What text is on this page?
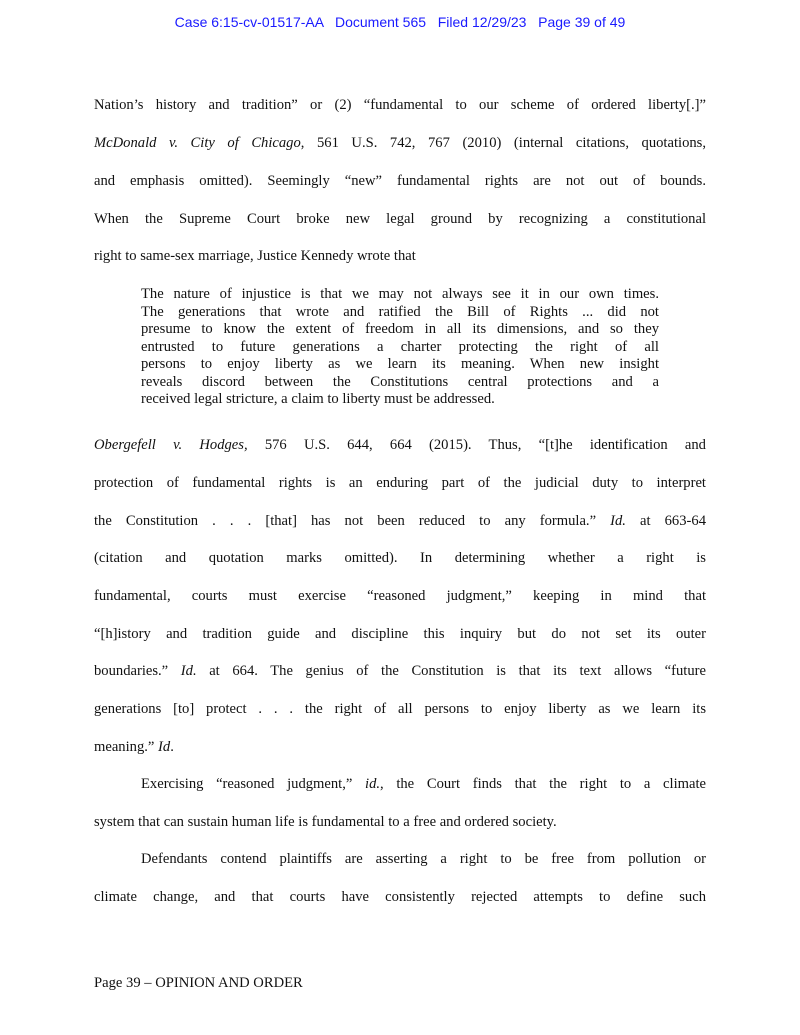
Case 6:15-cv-01517-AA Document 565 Filed 12/29/23 Page 39 of 49
Nation’s history and tradition” or (2) “fundamental to our scheme of ordered liberty[.]”
McDonald v. City of Chicago, 561 U.S. 742, 767 (2010) (internal citations, quotations,
and emphasis omitted). Seemingly “new” fundamental rights are not out of bounds.
When the Supreme Court broke new legal ground by recognizing a constitutional
right to same-sex marriage, Justice Kennedy wrote that
The nature of injustice is that we may not always see it in our own times.
The generations that wrote and ratified the Bill of Rights ... did not
presume to know the extent of freedom in all its dimensions, and so they
entrusted to future generations a charter protecting the right of all
persons to enjoy liberty as we learn its meaning. When new insight
reveals discord between the Constitutions central protections and a
received legal stricture, a claim to liberty must be addressed.
Obergefell v. Hodges, 576 U.S. 644, 664 (2015). Thus, “[t]he identification and
protection of fundamental rights is an enduring part of the judicial duty to interpret
the Constitution . . . [that] has not been reduced to any formula.” Id. at 663-64
(citation and quotation marks omitted). In determining whether a right is
fundamental, courts must exercise “reasoned judgment,” keeping in mind that
“[h]istory and tradition guide and discipline this inquiry but do not set its outer
boundaries.” Id. at 664. The genius of the Constitution is that its text allows “future
generations [to] protect . . . the right of all persons to enjoy liberty as we learn its
meaning.” Id.
Exercising “reasoned judgment,” id., the Court finds that the right to a climate
system that can sustain human life is fundamental to a free and ordered society.
Defendants contend plaintiffs are asserting a right to be free from pollution or
climate change, and that courts have consistently rejected attempts to define such
Page 39 – OPINION AND ORDER
